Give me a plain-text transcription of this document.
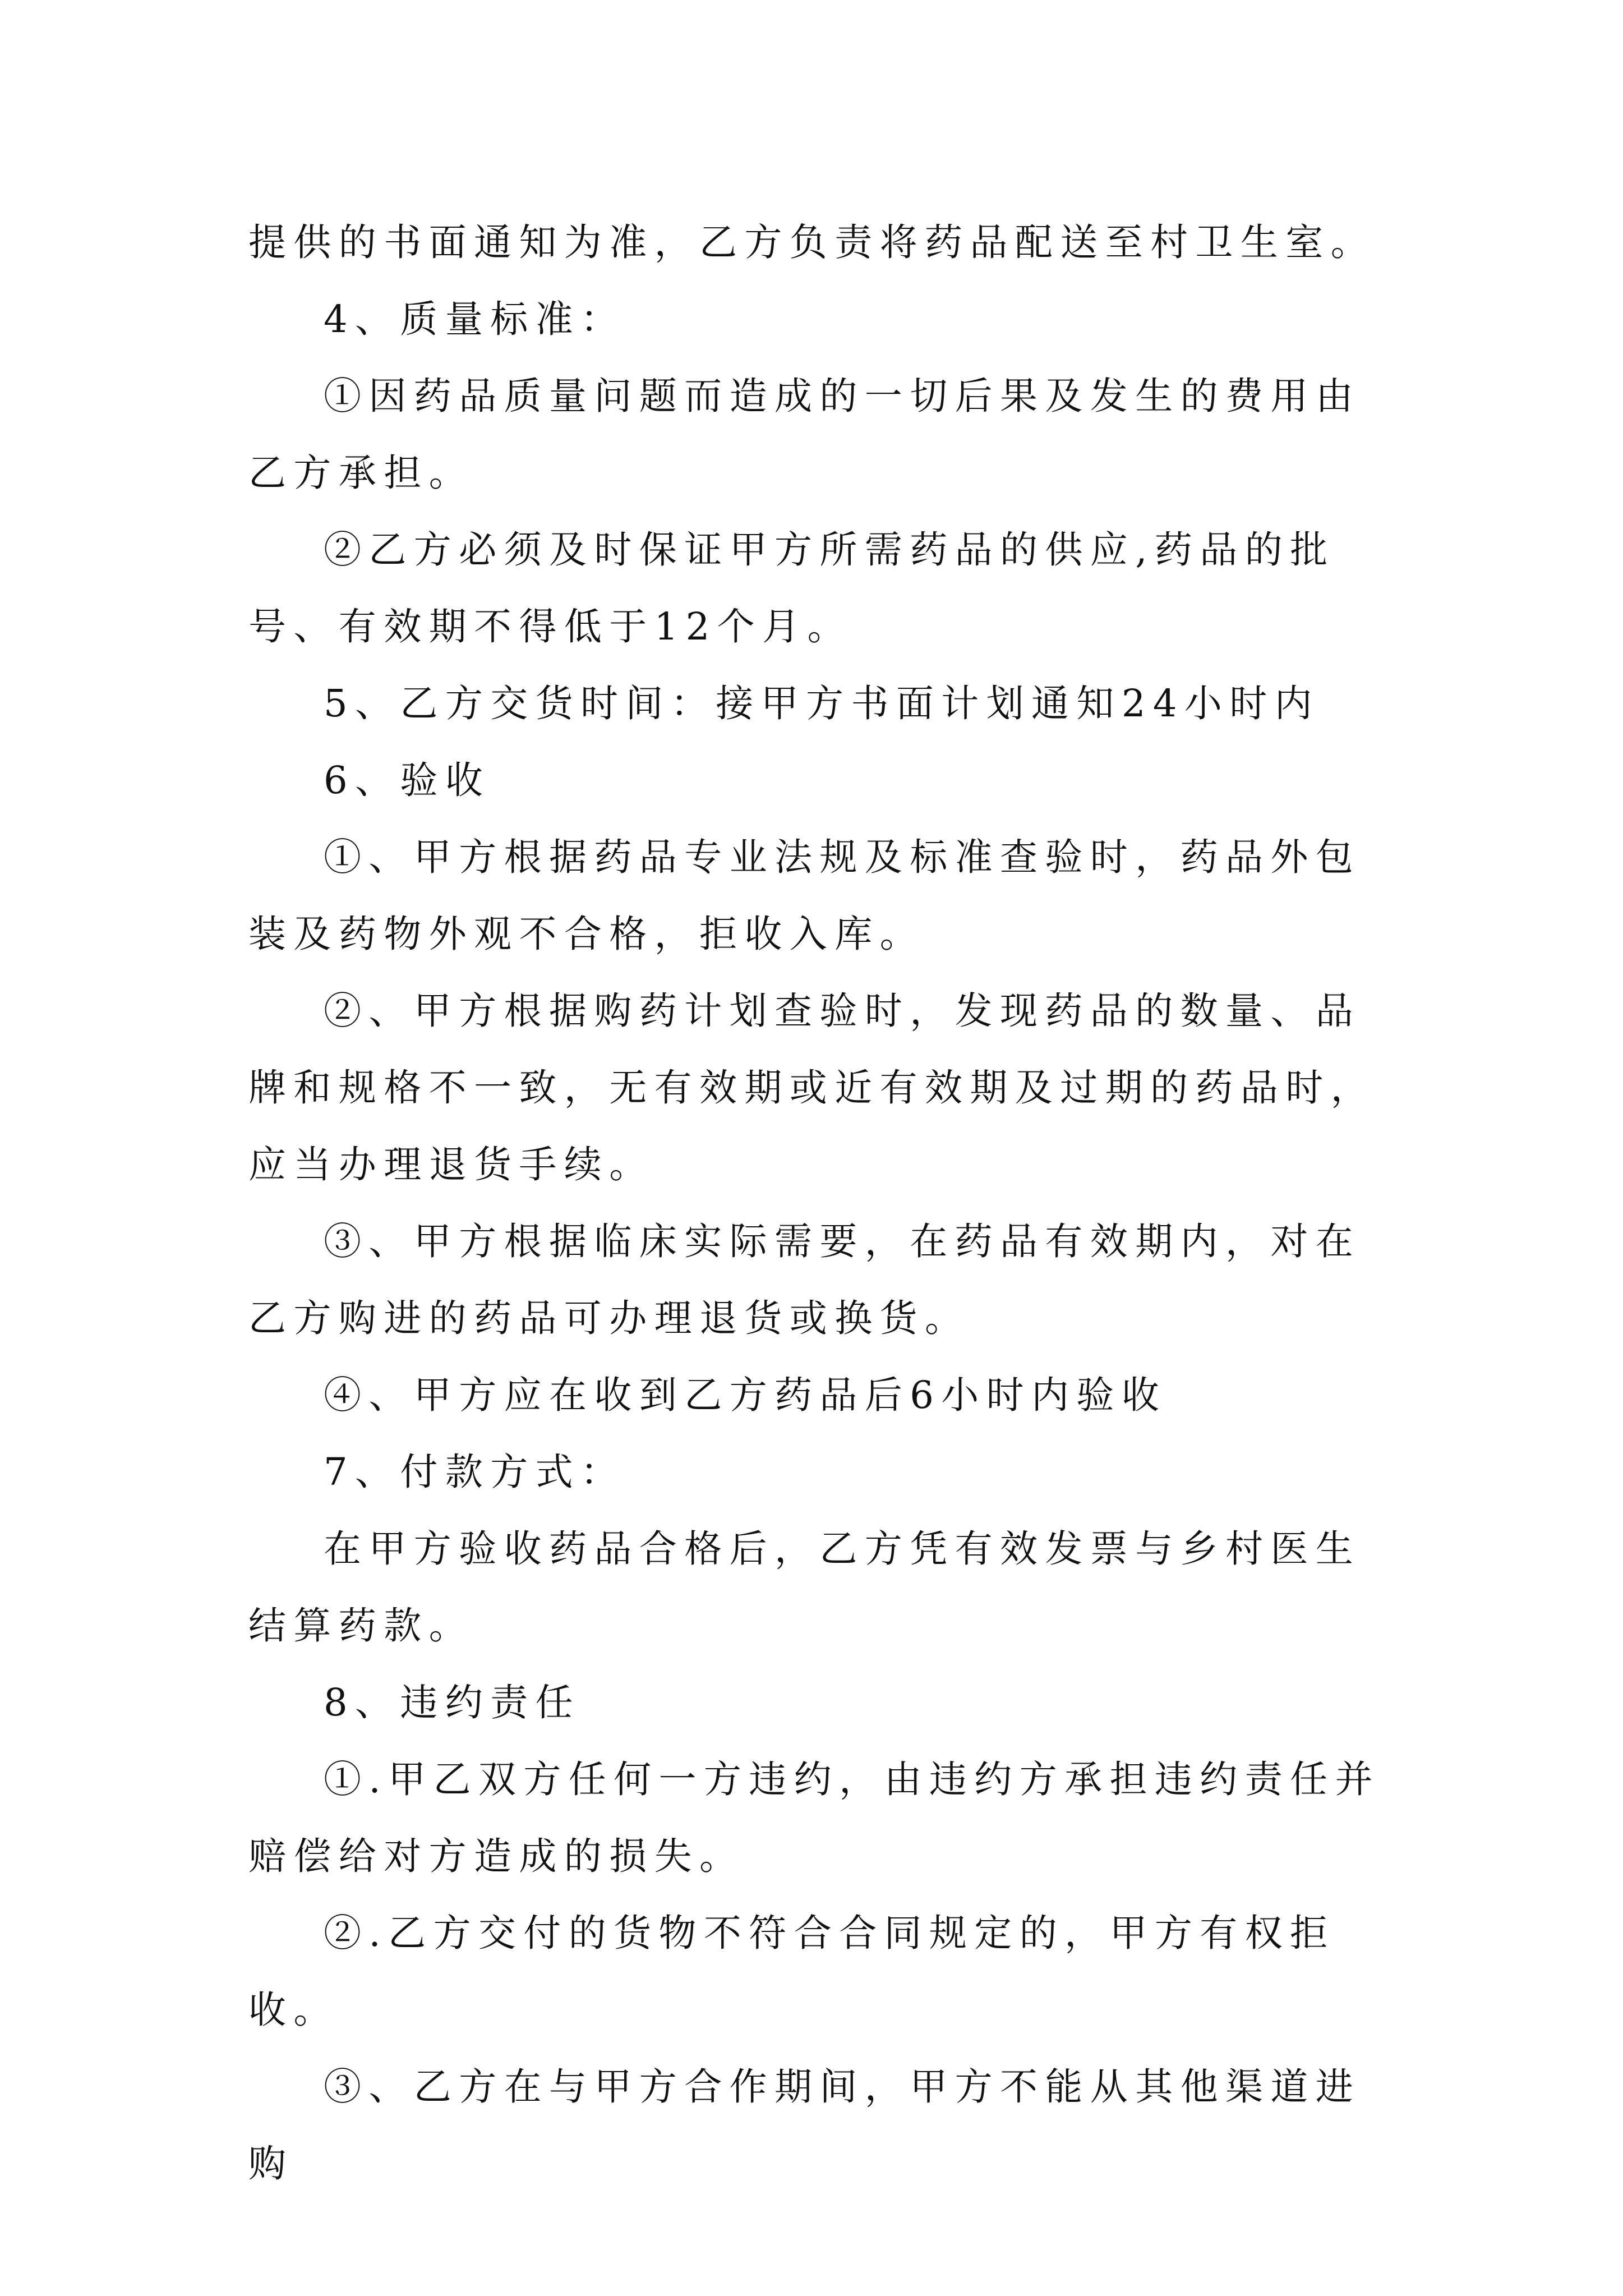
提供的书面通知为准，乙方负责将药品配送至村卫生室。

4、质量标准：

①因药品质量问题而造成的一切后果及发生的费用由乙方承担。

②乙方必须及时保证甲方所需药品的供应,药品的批号、有效期不得低于12个月。

5、乙方交货时间：接甲方书面计划通知24小时内

6、验收

①、甲方根据药品专业法规及标准查验时，药品外包装及药物外观不合格，拒收入库。

②、甲方根据购药计划查验时，发现药品的数量、品牌和规格不一致，无有效期或近有效期及过期的药品时，应当办理退货手续。

③、甲方根据临床实际需要，在药品有效期内，对在乙方购进的药品可办理退货或换货。

④、甲方应在收到乙方药品后6小时内验收

7、付款方式：

在甲方验收药品合格后，乙方凭有效发票与乡村医生结算药款。

8、违约责任

①.甲乙双方任何一方违约，由违约方承担违约责任并赔偿给对方造成的损失。

②.乙方交付的货物不符合合同规定的，甲方有权拒收。

③、乙方在与甲方合作期间，甲方不能从其他渠道进购
